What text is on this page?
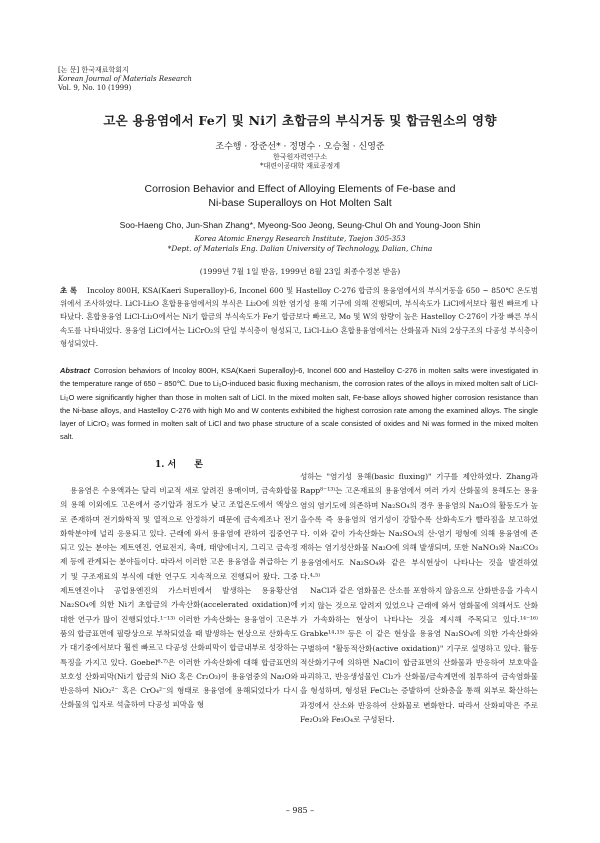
[논 문] 한국재료학회지
Korean Journal of Materials Research
Vol. 9, No. 10 (1999)
고온 용융염에서 Fe기 및 Ni기 초합금의 부식거동 및 합금원소의 영향
조수행 · 장준선* · 정명수 · 오승철 · 신영준
한국원자력연구소
*대련이공대학 재료공정계
Corrosion Behavior and Effect of Alloying Elements of Fe-base and
Ni-base Superalloys on Hot Molten Salt
Soo-Haeng Cho, Jun-Shan Zhang*, Myeong-Soo Jeong, Seung-Chul Oh and Young-Joon Shin
Korea Atomic Energy Research Institute, Taejon 305-353
*Dept. of Materials Eng. Dalian University of Technology, Dalian, China
(1999년 7월 1일 받음, 1999년 8월 23일 최종수정본 받음)
초 록 Incoloy 800H, KSA(Kaeri Superalloy)-6, Inconel 600 및 Hastelloy C-276 합금의 용융염에서의 부식거동을 650 ~ 850℃ 온도범위에서 조사하였다. LiCl-Li₂O 혼합용융염에서의 부식은 Li₂O에 의한 염기성 용해 기구에 의해 진행되며, 부식속도가 LiCl에서보다 훨씬 빠르게 나타났다. 혼합용융염 LiCl-Li₂O에서는 Ni기 합금의 부식속도가 Fe기 합금보다 빠르고, Mo 및 W의 함량이 높은 Hastelloy C-276이 가장 빠른 부식속도를 나타내었다. 용융염 LiCl에서는 LiCrO₂의 단일 부식층이 형성되고, LiCl-Li₂O 혼합용융염에서는 산화물과 Ni의 2상구조의 다공성 부식층이 형성되었다.
Abstract Corrosion behaviors of Incoloy 800H, KSA(Kaeri Superalloy)-6, Inconel 600 and Hastelloy C-276 in molten salts were investigated in the temperature range of 650 ~ 850℃. Due to Li₂O-induced basic fluxing mechanism, the corrosion rates of the alloys in mixed molten salt of LiCl-Li₂O were significantly higher than those in molten salt of LiCl. In the mixed molten salt, Fe-base alloys showed higher corrosion resistance than the Ni-base alloys, and Hastelloy C-276 with high Mo and W contents exhibited the highest corrosion rate among the examined alloys. The single layer of LiCrO₂ was formed in molten salt of LiCl and two phase structure of a scale consisted of oxides and Ni was formed in the mixed molten salt.
1. 서　　론

용융염은 수용액과는 달리 비교적 새로 알려진 용매이며, 금속화합물의 용해 이외에도 고온에서 증기압과 점도가 낮고 조업온도에서 액상으로 존재하며 전기화학적 및 열적으로 안정하기 때문에 금속제조나 전기화학분야에 널리 응용되고 있다. 근래에 와서 용융염에 관하여 집중연구되고 있는 분야는 제트엔진, 연료전지, 촉매, 태양에너지, 그리고 금속정제 등에 관계되는 분야들이다. 따라서 이러한 고온 용융염을 취급하는 기기 및 구조재료의 부식에 대한 연구도 지속적으로 진행되어 왔다. 그중 제트엔진이나 공업용엔진의 가스터빈에서 발생하는 용융황산염 Na₂SO₄에 의한 Ni기 초합금의 가속산화(accelerated oxidation)에 대한 연구가 많이 진행되었다.¹⁻¹³⁾ 이러한 가속산화는 용융염이 고온부품의 합금표면에 필랑상으로 부착되었을 때 발생하는 현상으로 산화속도가 대기중에서보다 훨씬 빠르고 다공성 산화피막이 합금내부로 성장하는 특징을 가지고 있다. Goebel⁶·⁷⁾은 이러한 가속산화에 대해 합금표면의 보호성 산화피막(Ni기 합금의 NiO 혹은 Cr₂O₃)이 용융염중의 Na₂O와 반응하여 NiO₂²⁻ 혹은 CrO₄²⁻의 형태로 용융염에 용해되었다가 다시 산화물의 입자로 석출하여 다공성 피막을 형

성하는 "염기성 용해(basic fluxing)" 기구를 제안하였다. Zhang과 Rapp⁸⁻¹³⁾는 고온재료의 용융염에서 여러 가지 산화물의 용해도는 용융염의 염기도에 의존하며 Na₂SO₄의 경우 용융염의 Na₂O의 활동도가 높을수록 즉 용융염의 염기성이 강할수록 산화속도가 빨라짐을 보고하였다. 이와 같이 가속산화는 Na₂SO₄의 산-염기 평형에 의해 용융염에 존재하는 염기성산화물 Na₂O에 의해 발생되며, 또한 NaNO₃와 Na₂CO₃ 용융염에서도 Na₂SO₄와 같은 부식현상이 나타나는 것을 발견하였다.⁴·⁵⁾

NaCl과 같은 염화물은 산소를 포함하지 않음으로 산화반응을 가속시키지 않는 것으로 알려져 있었으나 근래에 와서 염화물에 의해서도 산화가 가속화하는 현상이 나타나는 것을 제시해 주목되고 있다.¹⁴⁻¹⁶⁾ Grabke¹⁴·¹⁵⁾ 등은 이 같은 현상을 용융염 Na₂SO₄에 의한 가속산화와 구별하여 "활동적산화(active oxidation)" 기구로 설명하고 있다. 활동적산화기구에 의하면 NaCl이 합금표면의 산화물과 반응하여 보호막을 파괴하고, 반응생성물인 Cl₂가 산화물/금속계면에 침투하여 금속염화물을 형성하며, 형성된 FeCl₂는 증발하여 산화층을 통해 외부로 확산하는 과정에서 산소와 반응하여 산화물로 변화한다. 따라서 산화피막은 주로 Fe₂O₃와 Fe₃O₄로 구성된다.

– 985 –
